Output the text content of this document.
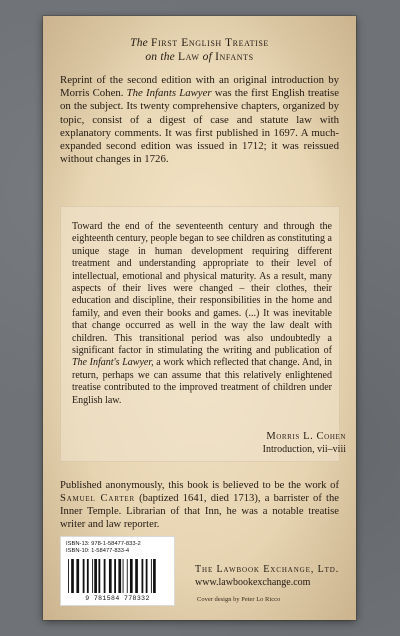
The First English Treatise
on the Law of Infants
Reprint of the second edition with an original introduction by Morris Cohen. The Infants Lawyer was the first English treatise on the subject. Its twenty comprehensive chapters, organized by topic, consist of a digest of case and statute law with explanatory comments. It was first published in 1697. A much-expanded second edition was issued in 1712; it was reissued without changes in 1726.

Toward the end of the seventeenth century and through the eighteenth century, people began to see children as constituting a unique stage in human development requiring different treatment and understanding appropriate to their level of intellectual, emotional and physical maturity. As a result, many aspects of their lives were changed – their clothes, their education and discipline, their responsibilities in the home and family, and even their books and games. (...) It was inevitable that change occurred as well in the way the law dealt with children. This transitional period was also undoubtedly a significant factor in stimulating the writing and publication of The Infant's Lawyer, a work which reflected that change. And, in return, perhaps we can assume that this relatively enlightened treatise contributed to the improved treatment of children under English law.

Morris L. Cohen
Introduction, vii–viii
Published anonymously, this book is believed to be the work of Samuel Carter (baptized 1641, died 1713), a barrister of the Inner Temple. Librarian of that Inn, he was a notable treatise writer and law reporter.
ISBN-13: 978-1-58477-833-2
ISBN-10: 1-58477-833-4
9 781584 778332
The Lawbook Exchange, Ltd.
www.lawbookexchange.com
Cover design by Peter Lo Ricco
